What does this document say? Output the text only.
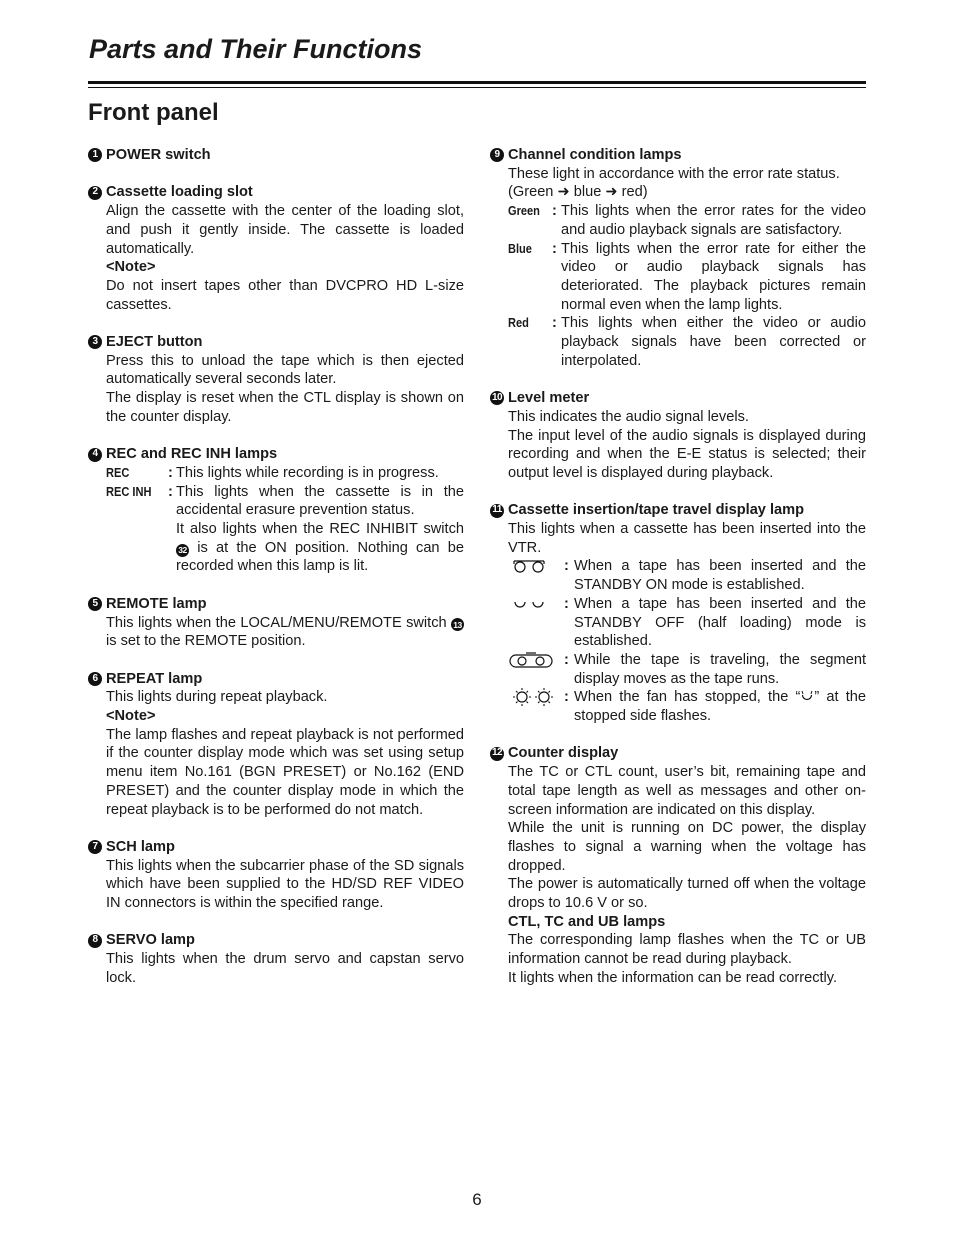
Parts and Their Functions
Front panel
1 POWER switch
2 Cassette loading slot
Align the cassette with the center of the loading slot, and push it gently inside. The cassette is loaded automatically.
<Note>
Do not insert tapes other than DVCPRO HD L-size cassettes.
3 EJECT button
Press this to unload the tape which is then ejected automatically several seconds later.
The display is reset when the CTL display is shown on the counter display.
4 REC and REC INH lamps
REC	: This lights while recording is in progress.
REC INH	: This lights when the cassette is in the accidental erasure prevention status.
It also lights when the REC INHIBIT switch 32 is at the ON position. Nothing can be recorded when this lamp is lit.
5 REMOTE lamp
This lights when the LOCAL/MENU/REMOTE switch 13 is set to the REMOTE position.
6 REPEAT lamp
This lights during repeat playback.
<Note>
The lamp flashes and repeat playback is not performed if the counter display mode which was set using setup menu item No.161 (BGN PRESET) or No.162 (END PRESET) and the counter display mode in which the repeat playback is to be performed do not match.
7 SCH lamp
This lights when the subcarrier phase of the SD signals which have been supplied to the HD/SD REF VIDEO IN connectors is within the specified range.
8 SERVO lamp
This lights when the drum servo and capstan servo lock.
9 Channel condition lamps
These light in accordance with the error rate status.
(Green ➜ blue ➜ red)
Green : This lights when the error rates for the video and audio playback signals are satisfactory.
Blue	: This lights when the error rate for either the video or audio playback signals has deteriorated. The playback pictures remain normal even when the lamp lights.
Red	: This lights when either the video or audio playback signals have been corrected or interpolated.
10 Level meter
This indicates the audio signal levels.
The input level of the audio signals is displayed during recording and when the E-E status is selected; their output level is displayed during playback.
11 Cassette insertion/tape travel display lamp
This lights when a cassette has been inserted into the VTR.
: When a tape has been inserted and the STANDBY ON mode is established.
: When a tape has been inserted and the STANDBY OFF (half loading) mode is established.
: While the tape is traveling, the segment display moves as the tape runs.
: When the fan has stopped, the “ ” at the stopped side flashes.
12 Counter display
The TC or CTL count, user’s bit, remaining tape and total tape length as well as messages and other on-screen information are indicated on this display.
While the unit is running on DC power, the display flashes to signal a warning when the voltage has dropped.
The power is automatically turned off when the voltage drops to 10.6 V or so.
CTL, TC and UB lamps
The corresponding lamp flashes when the TC or UB information cannot be read during playback.
It lights when the information can be read correctly.
6
